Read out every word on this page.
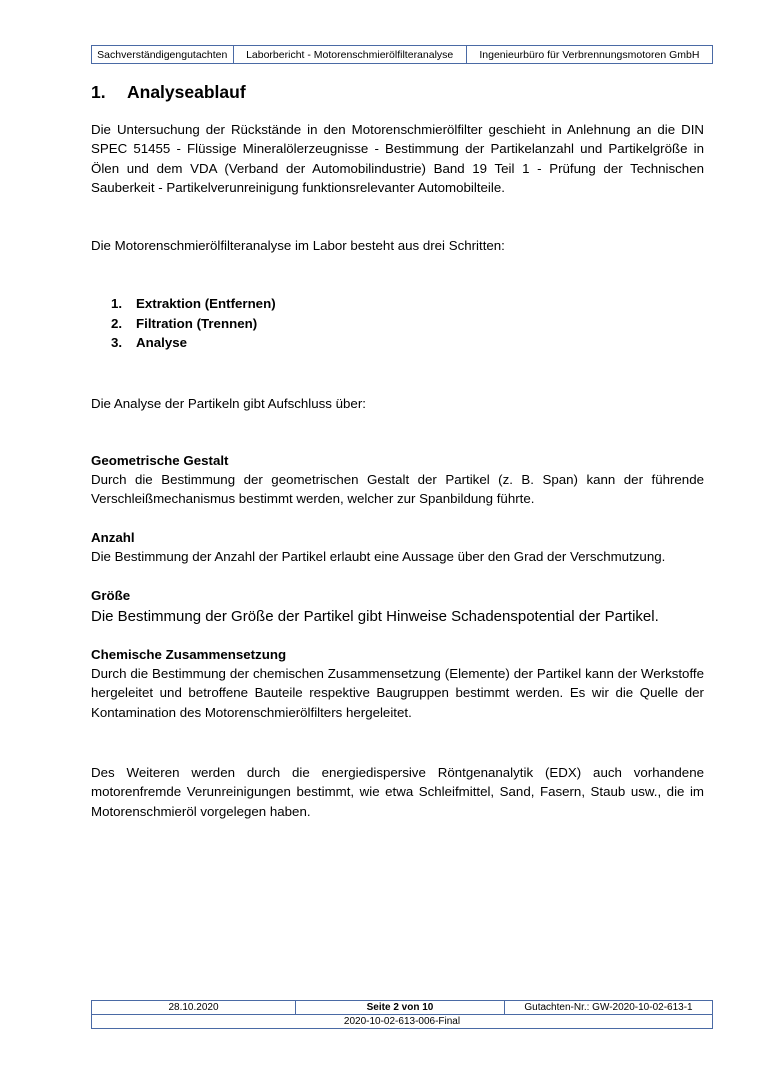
Sachverständigengutachten	Laborbericht - Motorenschmierölfilteranalyse	Ingenieurbüro für Verbrennungsmotoren GmbH
1. Analyseablauf

Die Untersuchung der Rückstände in den Motorenschmierölfilter geschieht in Anlehnung an die DIN SPEC 51455 - Flüssige Mineralölerzeugnisse - Bestimmung der Partikelanzahl und Partikelgröße in Ölen und dem VDA (Verband der Automobilindustrie) Band 19 Teil 1 - Prüfung der Technischen Sauberkeit - Partikelverunreinigung funktionsrelevanter Automobilteile.

Die Motorenschmierölfilteranalyse im Labor besteht aus drei Schritten:

1. Extraktion (Entfernen)
2. Filtration (Trennen)
3. Analyse

Die Analyse der Partikeln gibt Aufschluss über:

Geometrische Gestalt

Durch die Bestimmung der geometrischen Gestalt der Partikel (z. B. Span) kann der führende Verschleißmechanismus bestimmt werden, welcher zur Spanbildung führte.

Anzahl

Die Bestimmung der Anzahl der Partikel erlaubt eine Aussage über den Grad der Verschmutzung.

Größe

Die Bestimmung der Größe der Partikel gibt Hinweise Schadenspotential der Partikel.

Chemische Zusammensetzung

Durch die Bestimmung der chemischen Zusammensetzung (Elemente) der Partikel kann der Werkstoffe hergeleitet und betroffene Bauteile respektive Baugruppen bestimmt werden. Es wir die Quelle der Kontamination des Motorenschmierölfilters hergeleitet.

Des Weiteren werden durch die energiedispersive Röntgenanalytik (EDX) auch vorhandene motorenfremde Verunreinigungen bestimmt, wie etwa Schleifmittel, Sand, Fasern, Staub usw., die im Motorenschmieröl vorgelegen haben.

28.10.2020	Seite 2 von 10	Gutachten-Nr.: GW-2020-10-02-613-1
2020-10-02-613-006-Final
